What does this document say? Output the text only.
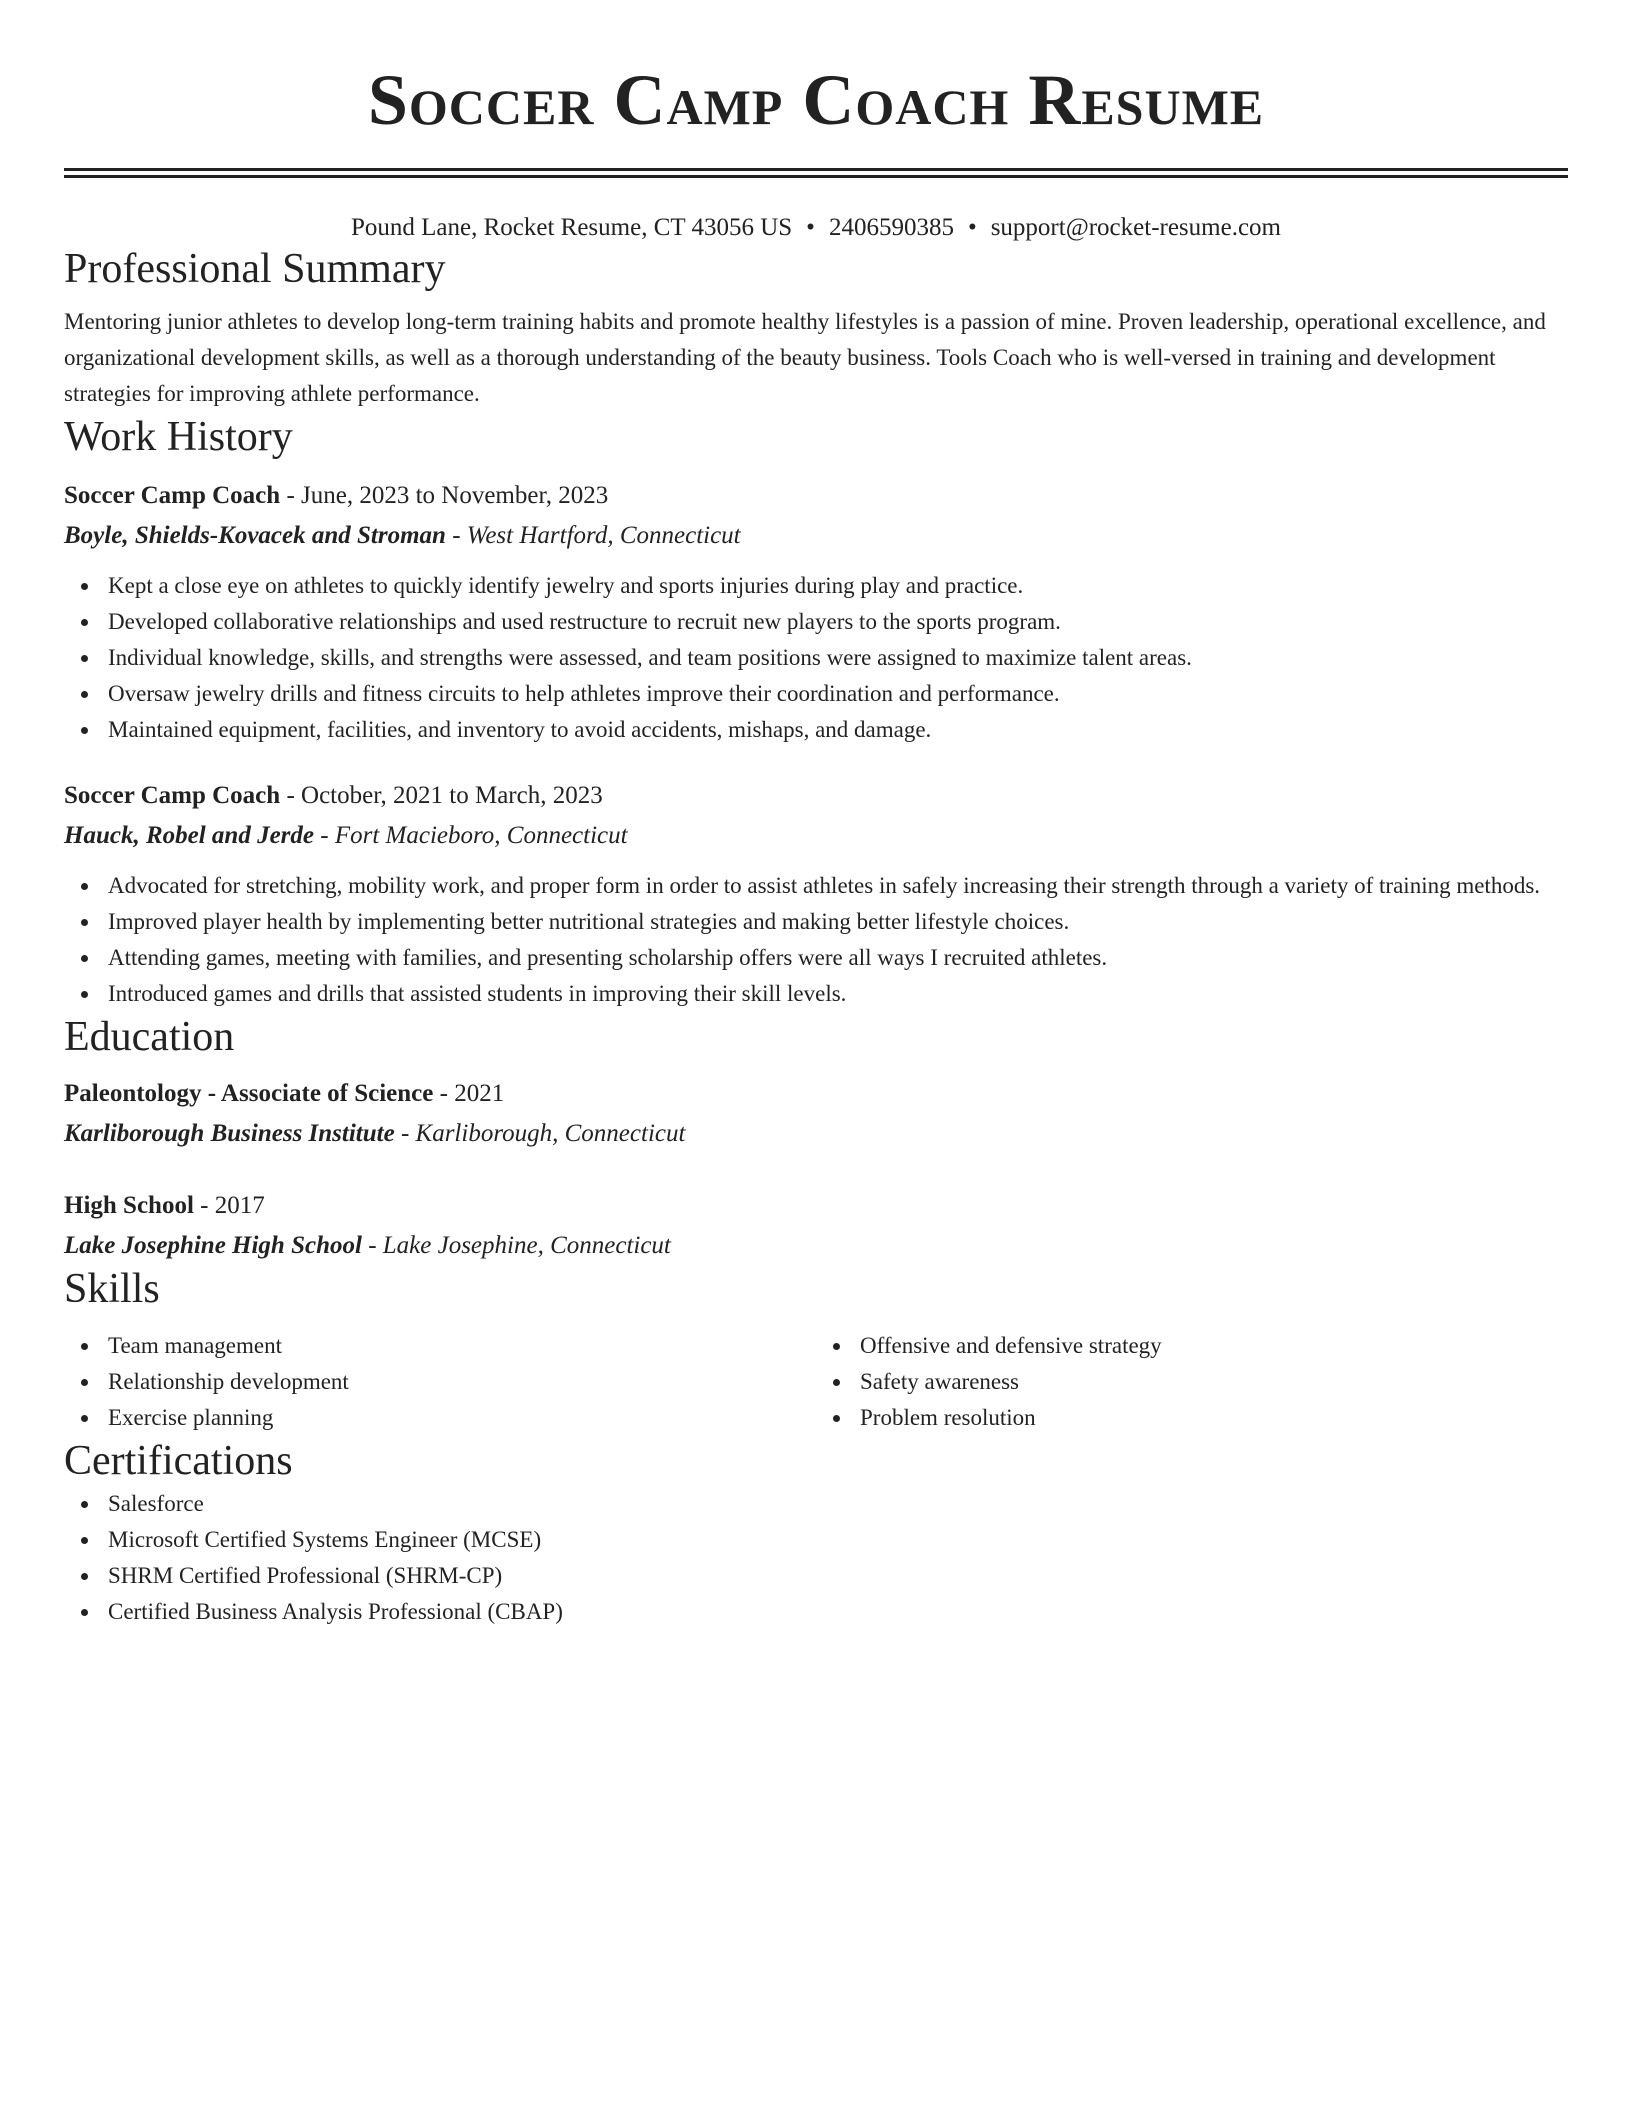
Soccer Camp Coach Resume
Pound Lane, Rocket Resume, CT 43056 US • 2406590385 • support@rocket-resume.com
Professional Summary
Mentoring junior athletes to develop long-term training habits and promote healthy lifestyles is a passion of mine. Proven leadership, operational excellence, and organizational development skills, as well as a thorough understanding of the beauty business. Tools Coach who is well-versed in training and development strategies for improving athlete performance.
Work History
Soccer Camp Coach - June, 2023 to November, 2023
Boyle, Shields-Kovacek and Stroman - West Hartford, Connecticut
Kept a close eye on athletes to quickly identify jewelry and sports injuries during play and practice.
Developed collaborative relationships and used restructure to recruit new players to the sports program.
Individual knowledge, skills, and strengths were assessed, and team positions were assigned to maximize talent areas.
Oversaw jewelry drills and fitness circuits to help athletes improve their coordination and performance.
Maintained equipment, facilities, and inventory to avoid accidents, mishaps, and damage.
Soccer Camp Coach - October, 2021 to March, 2023
Hauck, Robel and Jerde - Fort Macieboro, Connecticut
Advocated for stretching, mobility work, and proper form in order to assist athletes in safely increasing their strength through a variety of training methods.
Improved player health by implementing better nutritional strategies and making better lifestyle choices.
Attending games, meeting with families, and presenting scholarship offers were all ways I recruited athletes.
Introduced games and drills that assisted students in improving their skill levels.
Education
Paleontology - Associate of Science - 2021
Karliborough Business Institute - Karliborough, Connecticut
High School - 2017
Lake Josephine High School - Lake Josephine, Connecticut
Skills
Team management
Relationship development
Exercise planning
Offensive and defensive strategy
Safety awareness
Problem resolution
Certifications
Salesforce
Microsoft Certified Systems Engineer (MCSE)
SHRM Certified Professional (SHRM-CP)
Certified Business Analysis Professional (CBAP)
